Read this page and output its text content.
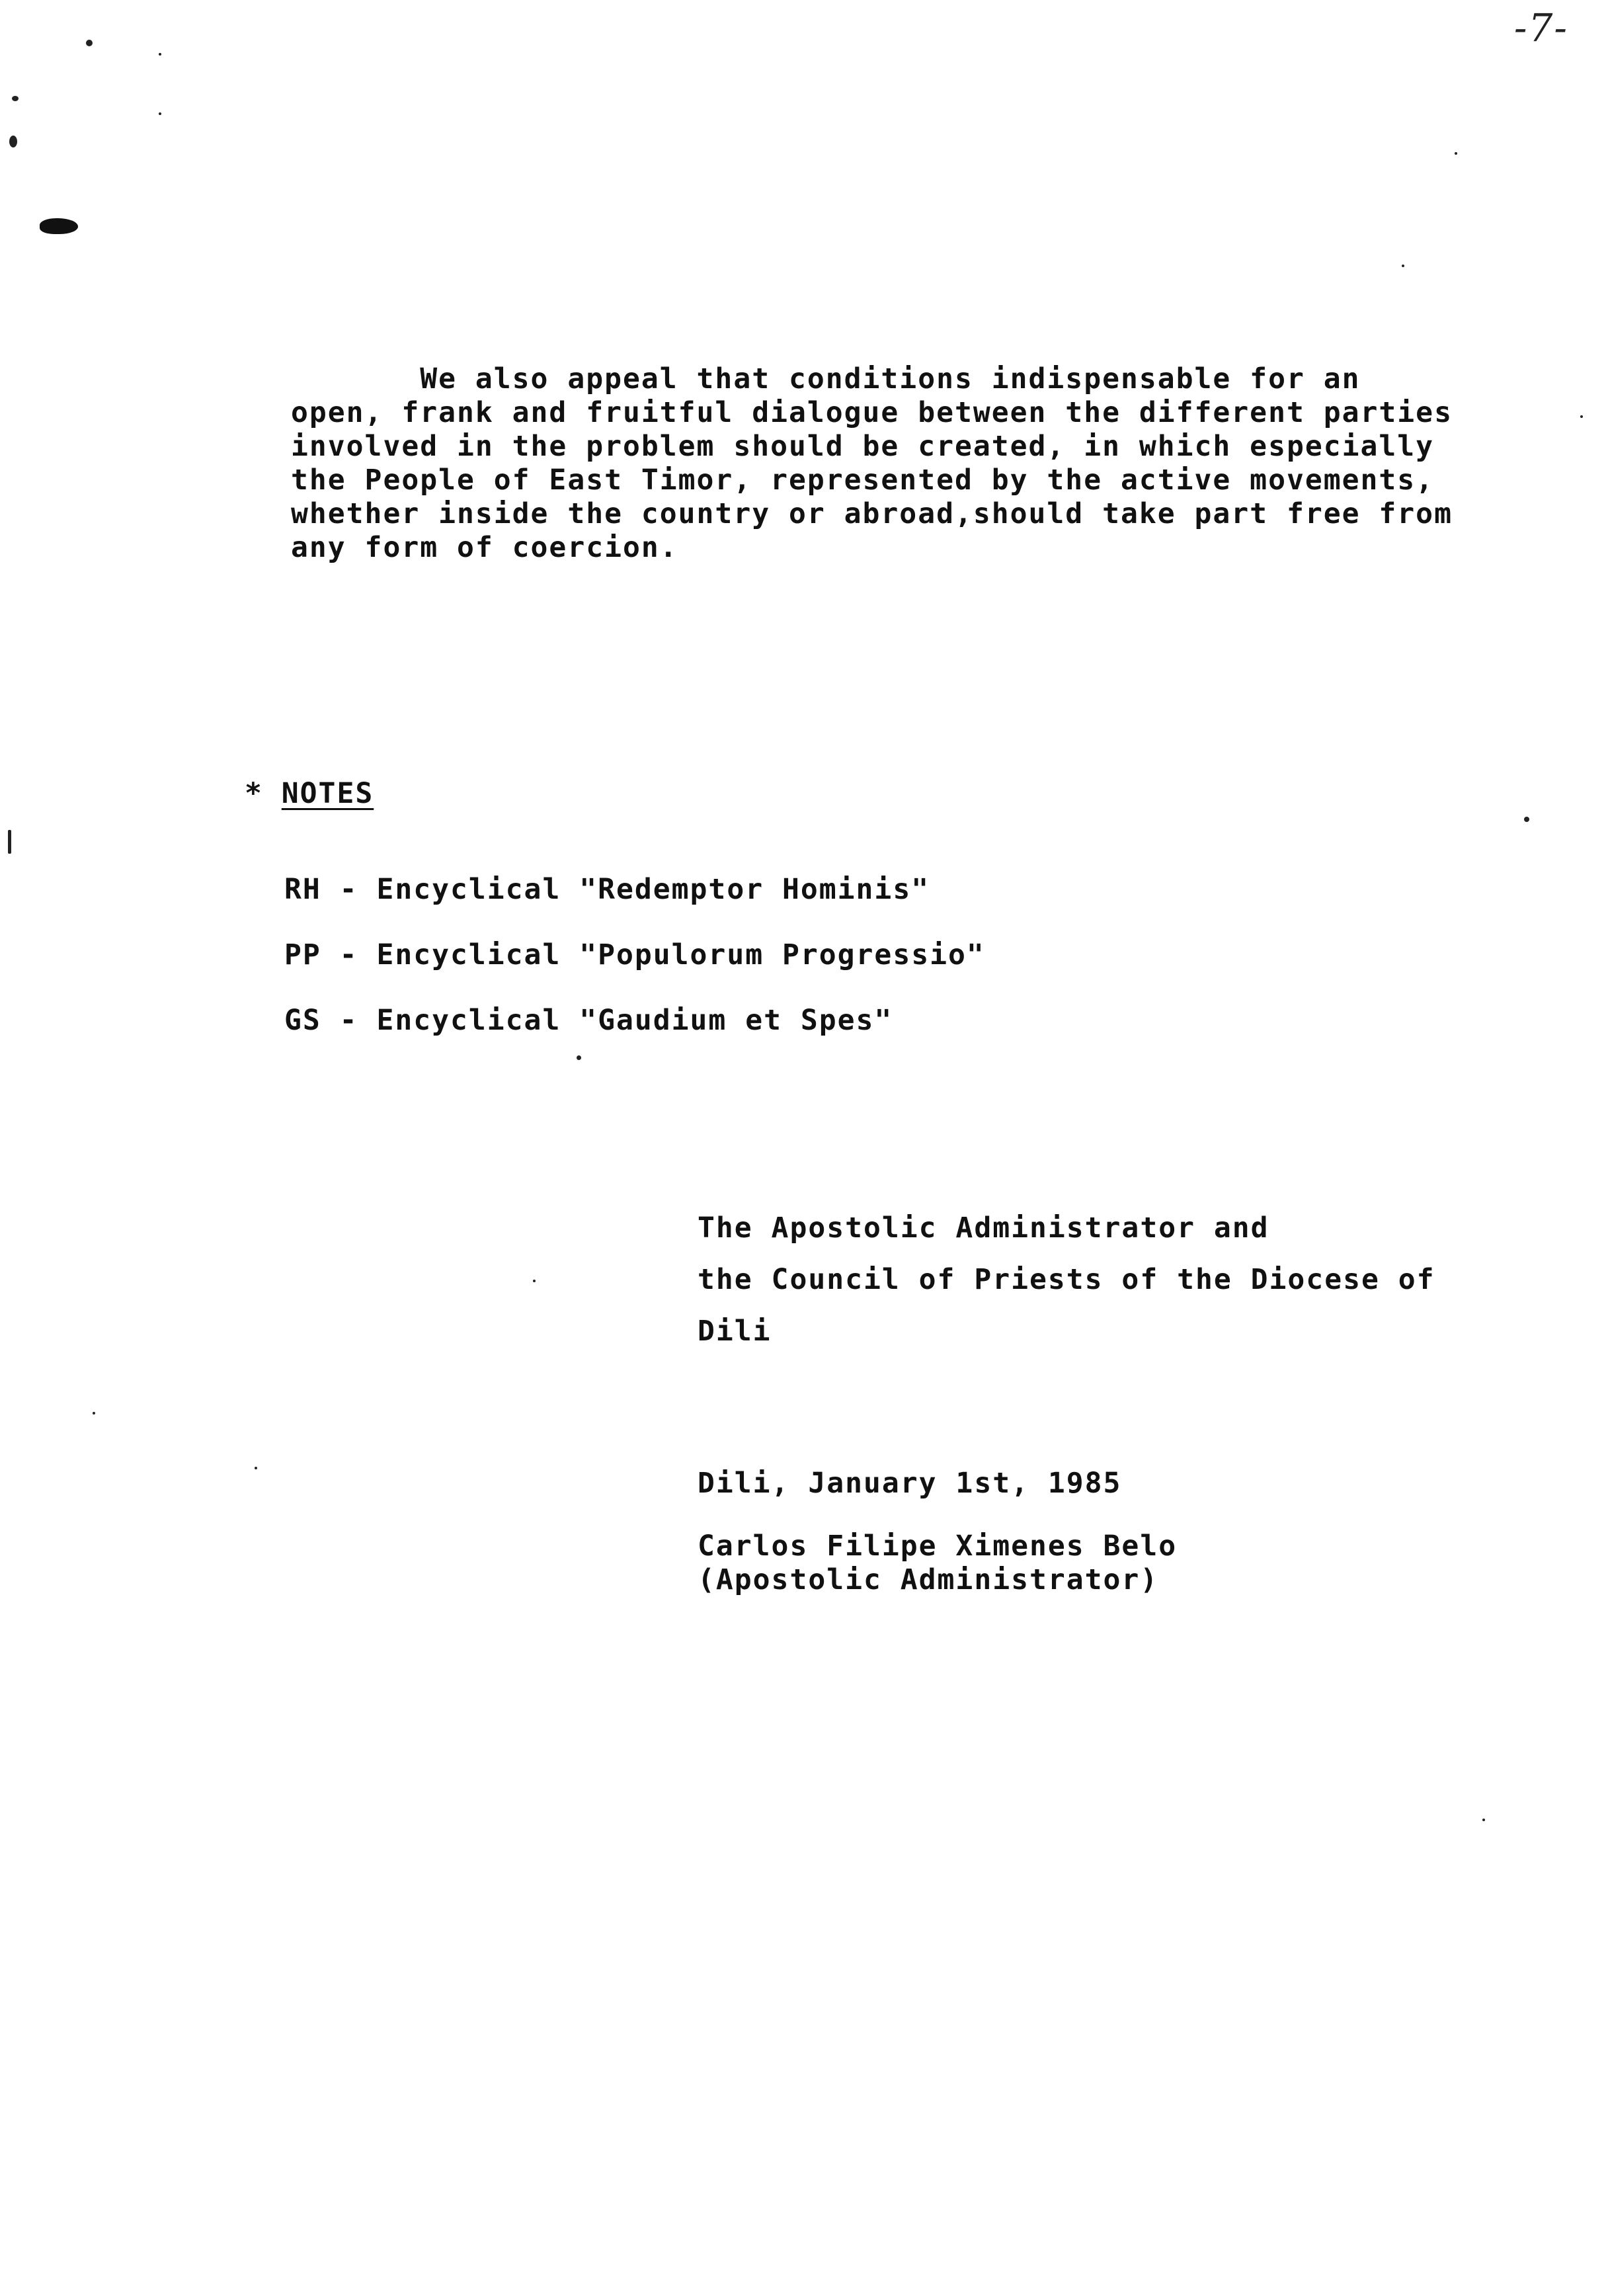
-7-
We also appeal that conditions indispensable for an
open, frank and fruitful dialogue between the different parties
involved in the problem should be created, in which especially
the People of East Timor, represented by the active movements,
whether inside the country or abroad,should take part free from
any form of coercion.
* NOTES
RH - Encyclical "Redemptor Hominis"
PP - Encyclical "Populorum Progressio"
GS - Encyclical "Gaudium et Spes"
The Apostolic Administrator and
the Council of Priests of the Diocese of
Dili
Dili, January 1st, 1985
Carlos Filipe Ximenes Belo
(Apostolic Administrator)
